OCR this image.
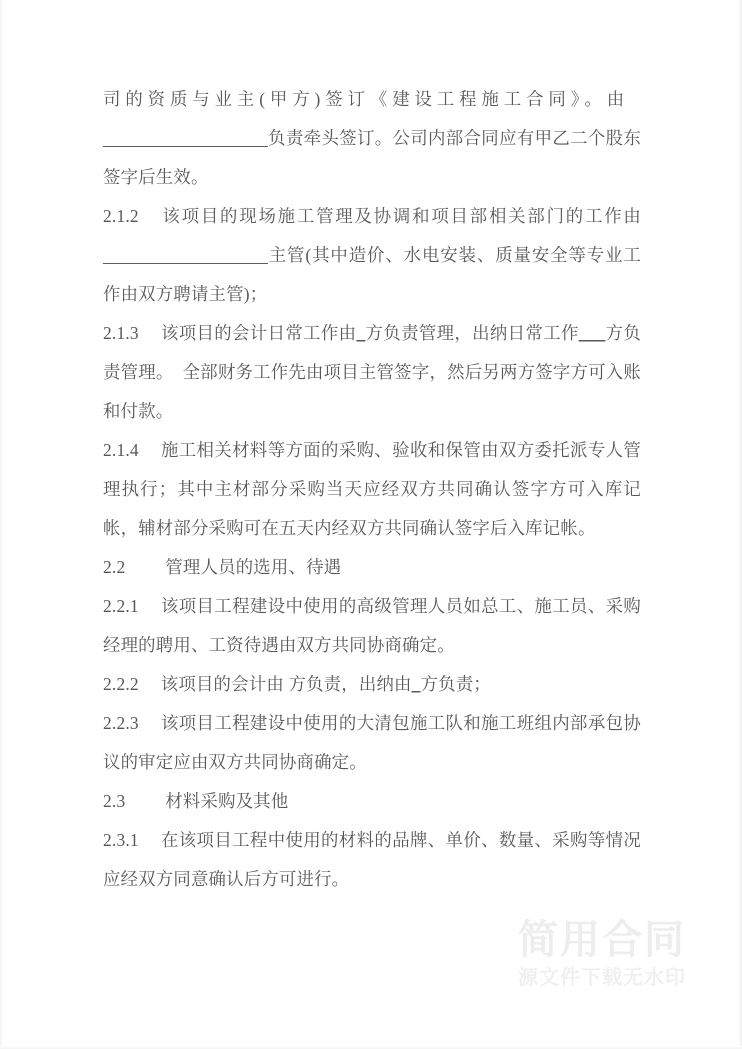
司的资质与业主(甲方)签订《建设工程施工合同》。由负责牵头签订。公司内部合同应有甲乙二个股东签字后生效。

2.1.2 该项目的现场施工管理及协调和项目部相关部门的工作由主管(其中造价、水电安装、质量安全等专业工作由双方聘请主管)；

2.1.3 该项目的会计日常工作由_方负责管理，出纳日常工作___方负责管理。 全部财务工作先由项目主管签字，然后另两方签字方可入账和付款。

2.1.4 施工相关材料等方面的采购、验收和保管由双方委托派专人管理执行；其中主材部分采购当天应经双方共同确认签字方可入库记帐，辅材部分采购可在五天内经双方共同确认签字后入库记帐。

2.2 管理人员的选用、待遇

2.2.1 该项目工程建设中使用的高级管理人员如总工、施工员、采购经理的聘用、工资待遇由双方共同协商确定。

2.2.2 该项目的会计由 方负责，出纳由_方负责；

2.2.3 该项目工程建设中使用的大清包施工队和施工班组内部承包协议的审定应由双方共同协商确定。

2.3 材料采购及其他

2.3.1 在该项目工程中使用的材料的品牌、单价、数量、采购等情况应经双方同意确认后方可进行。

简用合同
源文件下载无水印
